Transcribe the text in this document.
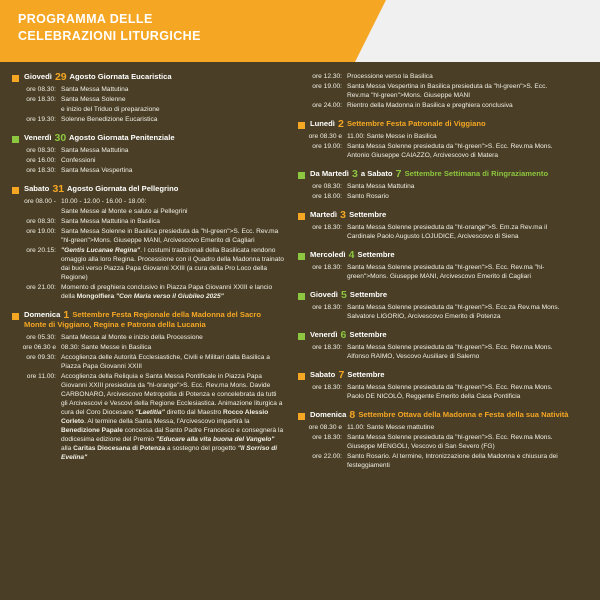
PROGRAMMA DELLE
CELEBRAZIONI LITURGICHE
Giovedì 29 Agosto Giornata Eucaristica
ore 08.30: Santa Messa Mattutina
ore 18.30: Santa Messa Solenne
e inizio del Triduo di preparazione
ore 19.30: Solenne Benedizione Eucaristica
Venerdì 30 Agosto Giornata Penitenziale
ore 08.30: Santa Messa Mattutina
ore 16.00: Confessioni
ore 18.30: Santa Messa Vespertina
Sabato 31 Agosto Giornata del Pellegrino
ore 08.00 - 10.00 - 12.00 - 16.00 - 18.00:
Sante Messe al Monte e saluto ai Pellegrini
ore 08.30: Santa Messa Mattutina in Basilica
ore 19.00: Santa Messa Solenne in Basilica presieduta da "hl-green">S. Ecc. Rev.ma "hl-green">Mons. Giuseppe MANI, Arcivescovo Emerito di Cagliari
ore 20.15: "Gentis Lucanae Regina". I costumi tradizionali della Basilicata rendono omaggio alla loro Regina. Processione con il Quadro della Madonna trainato dai buoi verso Piazza Papa Giovanni XXIII (a cura della Pro Loco della Regione)
ore 21.00: Momento di preghiera conclusivo in Piazza Papa Giovanni XXIII e lancio della Mongolfiera "Con Maria verso il Giubileo 2025"
Domenica 1 Settembre Festa Regionale della Madonna del Sacro Monte di Viggiano, Regina e Patrona della Lucania
ore 05.30: Santa Messa al Monte e inizio della Processione
ore 06.30 e 08.30: Sante Messe in Basilica
ore 09.30: Accoglienza delle Autorità Ecclesiastiche, Civili e Militari dalla Basilica a Piazza Papa Giovanni XXIII
ore 11.00: Accoglienza della Reliquia e Santa Messa Pontificale in Piazza Papa Giovanni XXIII presieduta da "hl-orange">S. Ecc. Rev.ma Mons. Davide CARBONARO, Arcivescovo Metropolita di Potenza e concelebrata da tutti gli Arcivescovi e Vescovi della Regione Ecclesiastica. Animazione liturgica a cura del Coro Diocesano "Laetitia" diretto dal Maestro Rocco Alessio Corleto. Al termine della Santa Messa, l'Arcivescovo impartirà la Benedizione Papale concessa dal Santo Padre Francesco e consegnerà la dodicesima edizione del Premio "Educare alla vita buona del Vangelo" alla Caritas Diocesana di Potenza a sostegno del progetto "Il Sorriso di Evelina"
ore 12.30: Processione verso la Basilica
ore 19.00: Santa Messa Vespertina in Basilica presieduta da "hl-green">S. Ecc. Rev.ma "hl-green">Mons. Giuseppe MANI
ore 24.00: Rientro della Madonna in Basilica e preghiera conclusiva
Lunedì 2 Settembre Festa Patronale di Viggiano
ore 08.30 e 11.00: Sante Messe in Basilica
ore 19.00: Santa Messa Solenne presieduta da "hl-green">S. Ecc. Rev.ma Mons. Antonio Giuseppe CAIAZZO, Arcivescovo di Matera
Da Martedì 3 a Sabato 7 Settembre Settimana di Ringraziamento
ore 08.30: Santa Messa Mattutina
ore 18.00: Santo Rosario
Martedì 3 Settembre
ore 18.30: Santa Messa Solenne presieduta da "hl-orange">S. Em.za Rev.ma il Cardinale Paolo Augusto LOJUDICE, Arcivescovo di Siena
Mercoledì 4 Settembre
ore 18.30: Santa Messa Solenne presieduta da "hl-green">S. Ecc. Rev.ma "hl-green">Mons. Giuseppe MANI, Arcivescovo Emerito di Cagliari
Giovedì 5 Settembre
ore 18.30: Santa Messa Solenne presieduta da "hl-green">S. Ecc.za Rev.ma Mons. Salvatore LIGORIO, Arcivescovo Emerito di Potenza
Venerdì 6 Settembre
ore 18.30: Santa Messa Solenne presieduta da "hl-green">S. Ecc. Rev.ma Mons. Alfonso RAIMO, Vescovo Ausiliare di Salerno
Sabato 7 Settembre
ore 18.30: Santa Messa Solenne presieduta da "hl-green">S. Ecc. Rev.ma Mons. Paolo DE NICOLÒ, Reggente Emerito della Casa Pontificia
Domenica 8 Settembre Ottava della Madonna e Festa della sua Natività
ore 08.30 e 11.00: Sante Messe mattutine
ore 18.30: Santa Messa Solenne presieduta da "hl-green">S. Ecc. Rev.ma Mons. Giuseppe MENGOLI, Vescovo di San Severo (FG)
ore 22.00: Santo Rosario. Al termine, Intronizzazione della Madonna e chiusura dei festeggiamenti
